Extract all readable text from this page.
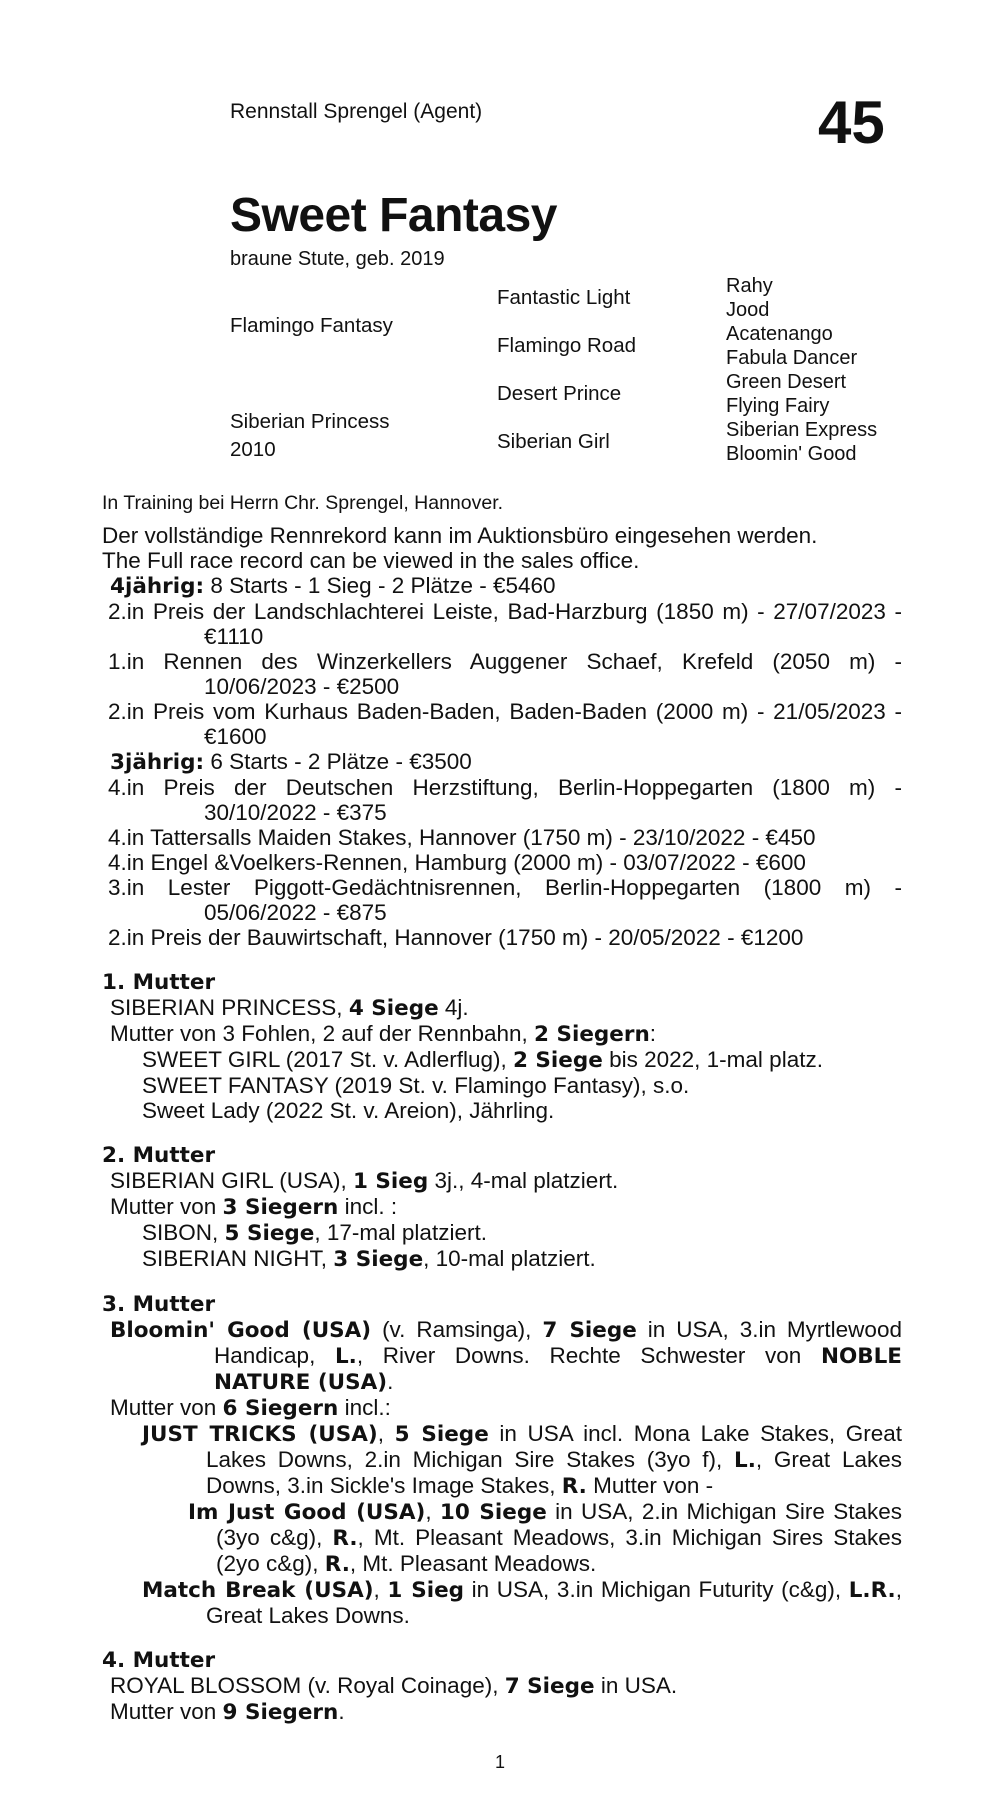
Rennstall Sprengel (Agent)	45
Sweet Fantasy
braune Stute, geb. 2019
Flamingo Fantasy
Siberian Princess
2010
Fantastic Light
Flamingo Road
Desert Prince
Siberian Girl
Rahy
Jood
Acatenango
Fabula Dancer
Green Desert
Flying Fairy
Siberian Express
Bloomin' Good
In Training bei Herrn Chr. Sprengel, Hannover.

Der vollständige Rennrekord kann im Auktionsbüro eingesehen werden.

The Full race record can be viewed in the sales office.

4jährig: 8 Starts - 1 Sieg - 2 Plätze - €5460

2.in Preis der Landschlachterei Leiste, Bad-Harzburg (1850 m) - 27/07/2023 - €1110

1.in Rennen des Winzerkellers Auggener Schaef, Krefeld (2050 m) - 10/06/2023 - €2500

2.in Preis vom Kurhaus Baden-Baden, Baden-Baden (2000 m) - 21/05/2023 - €1600

3jährig: 6 Starts - 2 Plätze - €3500

4.in Preis der Deutschen Herzstiftung, Berlin-Hoppegarten (1800 m) - 30/10/2022 - €375

4.in Tattersalls Maiden Stakes, Hannover (1750 m) - 23/10/2022 - €450

4.in Engel &Voelkers-Rennen, Hamburg (2000 m) - 03/07/2022 - €600

3.in Lester Piggott-Gedächtnisrennen, Berlin-Hoppegarten (1800 m) - 05/06/2022 - €875

2.in Preis der Bauwirtschaft, Hannover (1750 m) - 20/05/2022 - €1200

1. Mutter

SIBERIAN PRINCESS, 4 Siege 4j.

Mutter von 3 Fohlen, 2 auf der Rennbahn, 2 Siegern:

SWEET GIRL (2017 St. v. Adlerflug), 2 Siege bis 2022, 1-mal platz.

SWEET FANTASY (2019 St. v. Flamingo Fantasy), s.o.

Sweet Lady (2022 St. v. Areion), Jährling.

2. Mutter

SIBERIAN GIRL (USA), 1 Sieg 3j., 4-mal platziert.

Mutter von 3 Siegern incl. :

SIBON, 5 Siege, 17-mal platziert.

SIBERIAN NIGHT, 3 Siege, 10-mal platziert.

3. Mutter

Bloomin' Good (USA) (v. Ramsinga), 7 Siege in USA, 3.in Myrtlewood Handicap, L., River Downs. Rechte Schwester von NOBLE NATURE (USA).

Mutter von 6 Siegern incl.:

JUST TRICKS (USA), 5 Siege in USA incl. Mona Lake Stakes, Great Lakes Downs, 2.in Michigan Sire Stakes (3yo f), L., Great Lakes Downs, 3.in Sickle's Image Stakes, R. Mutter von -

Im Just Good (USA), 10 Siege in USA, 2.in Michigan Sire Stakes (3yo c&g), R., Mt. Pleasant Meadows, 3.in Michigan Sires Stakes (2yo c&g), R., Mt. Pleasant Meadows.

Match Break (USA), 1 Sieg in USA, 3.in Michigan Futurity (c&g), L.R., Great Lakes Downs.

4. Mutter

ROYAL BLOSSOM (v. Royal Coinage), 7 Siege in USA.

Mutter von 9 Siegern.

1
